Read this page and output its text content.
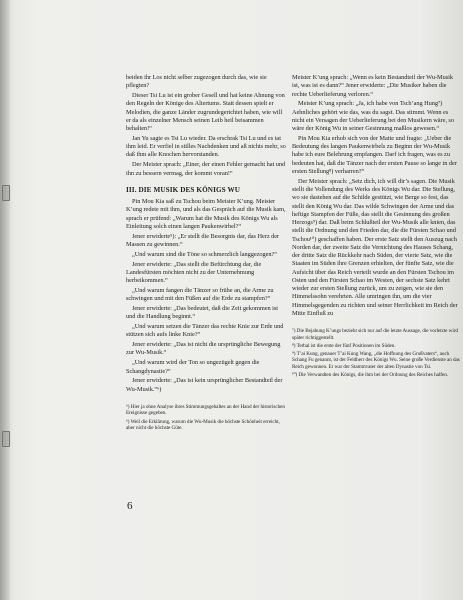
beiden ihr Los nicht selber zugezogen durch das, wie sie pflegten?

Dieser Tsi Lu ist ein grober Gesell und hat keine Ahnung von den Regeln der Könige des Altertums. Statt dessen spielt er Melodien, die ganze Länder zugrundegerichtet haben, wie will er da als einzelner Mensch seinen Leib heil beisammen behalten!“

Jan Yu sagte es Tsi Lu wieder. Da erschrak Tsi Lu und es tat ihm leid. Er verfiel in stilles Nachdenken und aß nichts mehr, so daß ihm alle Knochen hervorstanden.

Der Meister sprach: „Einer, der einen Fehler gemacht hat und ihn zu bessern vermag, der kommt voran!“

III. DIE MUSIK DES KÖNIGS WU

Pin Mou Kia saß zu Tschou beim Meister K’ung. Meister K’ung redete mit ihm, und als das Gespräch auf die Musik kam, sprach er prüfend: „Warum hat die Musik des Königs Wu als Einleitung solch einen langen Paukenwirbel?“

Jener erwiderte⁵): „Er stellt die Besorgnis dar, das Herz der Massen zu gewinnen.“

„Und warum sind die Töne so schmerzlich langgezogen?“

Jener erwiderte: „Das stellt die Befürchtung dar, die Landesfürsten möchten nicht zu der Unternehmung herbeikommen.“

„Und warum fangen die Tänzer so frühe an, die Arme zu schwingen und mit den Füßen auf die Erde zu stampfen?“

Jener erwiderte: „Das bedeutet, daß die Zeit gekommen ist und die Handlung beginnt.“

„Und warum setzen die Tänzer das rechte Knie zur Erde und stützen sich aufs linke Knie?“

Jener erwiderte: „Das ist nicht die ursprüngliche Bewegung zur Wu-Musik.“

„Und warum wird der Ton so ungezügelt gegen die Schangdynastie?“

Jener erwiderte: „Das ist kein ursprünglicher Bestandteil der Wu-Musik.“⁶)

⁵) Hier ja ohne Analyse ihres Stimmungsgehaltes an der Hand der historischen Ereignisse gegeben.

⁶) Weil die Erklärung, warum die Wu-Musik die höchste Schönheit erreicht, aber nicht die höchste Güte.

Meister K’ung sprach: „Wenn es kein Bestandteil der Wu-Musik ist, was ist es dann?“ Jener erwiderte: „Die Musiker haben die rechte Ueberlieferung verloren.“

Meister K’ung sprach: „Ja, ich habe von Tsch’ang Hung⁷) Aehnliches gehört wie das, was du sagst. Das stimmt. Wenn es nicht ein Versagen der Ueberlieferung bei den Musikern wäre, so wäre der König Wu in seiner Gesinnung maßlos gewesen.“

Pin Mou Kia erhob sich von der Matte und fragte: „Ueber die Bedeutung des langen Paukenwirbels zu Beginn der Wu-Musik habe ich eure Belehrung empfangen. Darf ich fragen, was es zu bedeuten hat, daß die Tänzer nach der ersten Pause so lange in der ersten Stellung⁸) verharren?“

Der Meister sprach: „Setz dich, ich will dir’s sagen. Die Musik stellt die Vollendung des Werks des Königs Wu dar. Die Stellung, wo sie dastehen auf die Schilde gestützt, wie Berge so fest, das stellt den König Wu dar. Das wilde Schwingen der Arme und das heftige Stampfen der Füße, das stellt die Gesinnung des großen Herzogs⁹) dar. Daß beim Schlußteil der Wu-Musik alle knien, das stellt die Ordnung und den Frieden dar, die die Fürsten Schao und Tschou¹⁰) geschaffen haben. Der erste Satz stellt den Auszug nach Norden dar, der zweite Satz die Vernichtung des Hauses Schang, der dritte Satz die Rückkehr nach Süden, der vierte Satz, wie die Staaten im Süden ihre Grenzen erhielten, der fünfte Satz, wie die Aufsicht über das Reich verteilt wurde an den Fürsten Tschou im Osten und den Fürsten Schao im Westen, der sechste Satz kehrt wieder zur ersten Stellung zurück, um zu zeigen, wie sie den Himmelssohn verehrten. Alle umringen ihn, um die vier Himmelsgegenden zu richten und seiner Herrlichkeit im Reich der Mitte Einfluß zu

⁷) Die Bejahung K’ungs bezieht sich nur auf die letzte Aussage, die vorletzte wird später richtiggestellt.

⁸) Terbal ist die erste der fünf Positionen im Süden.

⁹) T’ai Kung, genauer T’ai Kung Wang, „die Hoffnung des Großvaters“, auch Schang Fu genannt, ist der Feldherr des Königs Wu. Seine große Verdienste an das Reich gewonnen. Er war der Stammvater der alten Dynastie von Tsi.

¹⁰) Die Verwandten des Königs, die ihm bei der Ordnung des Reiches halfen.

6
